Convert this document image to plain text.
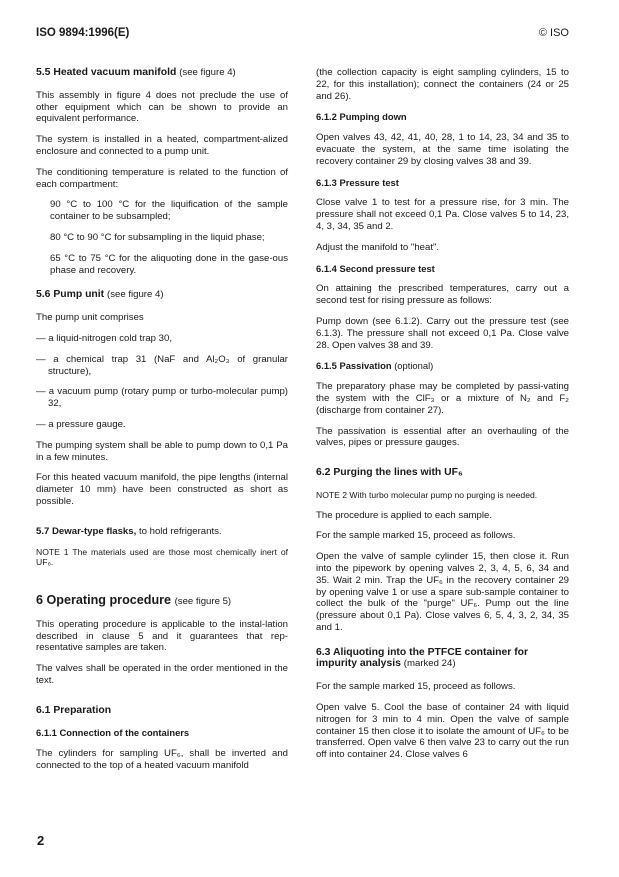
ISO 9894:1996(E)	© ISO
5.5 Heated vacuum manifold (see figure 4)

This assembly in figure 4 does not preclude the use of other equipment which can be shown to provide an equivalent performance.

The system is installed in a heated, compartment-alized enclosure and connected to a pump unit.

The conditioning temperature is related to the function of each compartment:

90 °C to 100 °C for the liquification of the sample container to be subsampled;

80 °C to 90 °C for subsampling in the liquid phase;

65 °C to 75 °C for the aliquoting done in the gase-ous phase and recovery.

5.6 Pump unit (see figure 4)

The pump unit comprises

— a liquid-nitrogen cold trap 30,

— a chemical trap 31 (NaF and Al₂O₃ of granular structure),

— a vacuum pump (rotary pump or turbo-molecular pump) 32,

— a pressure gauge.

The pumping system shall be able to pump down to 0,1 Pa in a few minutes.

For this heated vacuum manifold, the pipe lengths (internal diameter 10 mm) have been constructed as short as possible.

5.7 Dewar-type flasks, to hold refrigerants.

NOTE 1 The materials used are those most chemically inert of UF₆.

6 Operating procedure (see figure 5)

This operating procedure is applicable to the instal-lation described in clause 5 and it guarantees that rep-resentative samples are taken.

The valves shall be operated in the order mentioned in the text.

6.1 Preparation
6.1.1 Connection of the containers

The cylinders for sampling UF₆, shall be inverted and connected to the top of a heated vacuum manifold

(the collection capacity is eight sampling cylinders, 15 to 22, for this installation); connect the containers (24 or 25 and 26).

6.1.2 Pumping down

Open valves 43, 42, 41, 40, 28, 1 to 14, 23, 34 and 35 to evacuate the system, at the same time isolating the recovery container 29 by closing valves 38 and 39.

6.1.3 Pressure test

Close valve 1 to test for a pressure rise, for 3 min. The pressure shall not exceed 0,1 Pa. Close valves 5 to 14, 23, 4, 3, 34, 35 and 2.

Adjust the manifold to "heat".

6.1.4 Second pressure test

On attaining the prescribed temperatures, carry out a second test for rising pressure as follows:

Pump down (see 6.1.2). Carry out the pressure test (see 6.1.3). The pressure shall not exceed 0,1 Pa. Close valve 28. Open valves 38 and 39.

6.1.5 Passivation (optional)

The preparatory phase may be completed by passi-vating the system with the ClF₃ or a mixture of N₂ and F₂ (discharge from container 27).

The passivation is essential after an overhauling of the valves, pipes or pressure gauges.

6.2 Purging the lines with UF₆

NOTE 2 With turbo molecular pump no purging is needed.

The procedure is applied to each sample.

For the sample marked 15, proceed as follows.

Open the valve of sample cylinder 15, then close it. Run into the pipework by opening valves 2, 3, 4, 5, 6, 34 and 35. Wait 2 min. Trap the UF₆ in the recovery container 29 by opening valve 1 or use a spare sub-sample container to collect the bulk of the "purge" UF₆. Pump out the line (pressure about 0,1 Pa). Close valves 6, 5, 4, 3, 2, 34, 35 and 1.

6.3 Aliquoting into the PTFCE container for impurity analysis (marked 24)

For the sample marked 15, proceed as follows.

Open valve 5. Cool the base of container 24 with liquid nitrogen for 3 min to 4 min. Open the valve of sample container 15 then close it to isolate the amount of UF₆ to be transferred. Open valve 6 then valve 23 to carry out the run off into container 24. Close valves 6

2
